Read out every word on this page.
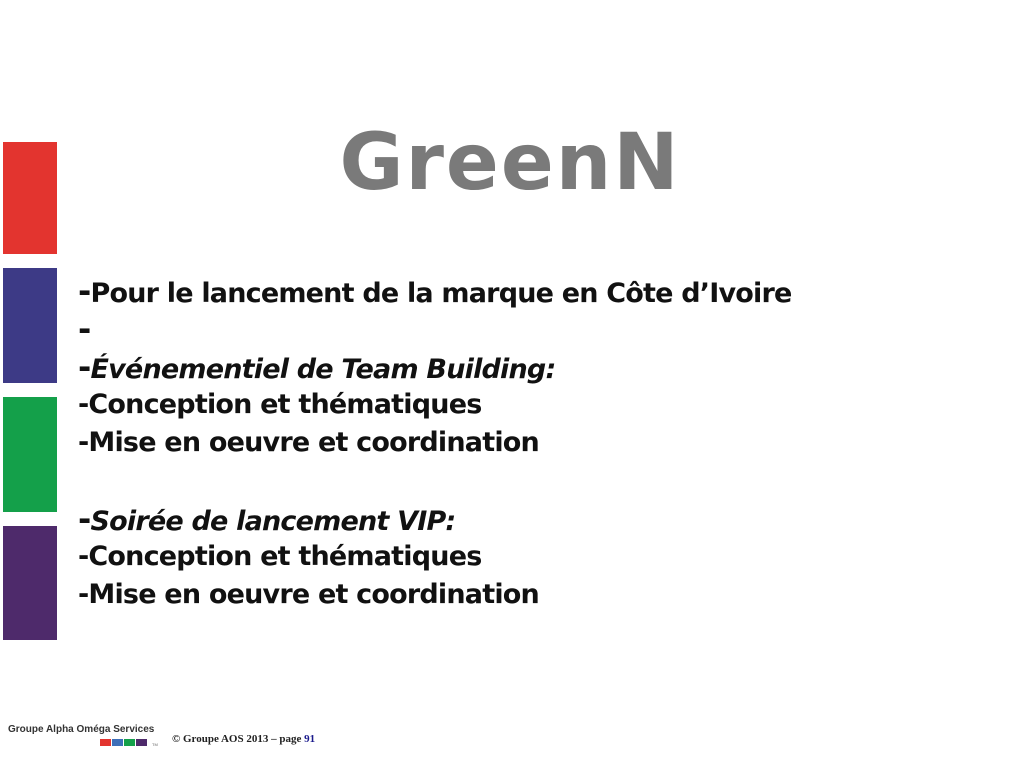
GreenN
-Pour le lancement de la marque en Côte d’Ivoire
-
-Événementiel de Team Building:
-Conception et thématiques
-Mise en oeuvre et coordination
-Soirée de lancement VIP:
-Conception et thématiques
-Mise en oeuvre et coordination
Groupe Alpha Oméga Services
TM © Groupe AOS 2013 – page 91
